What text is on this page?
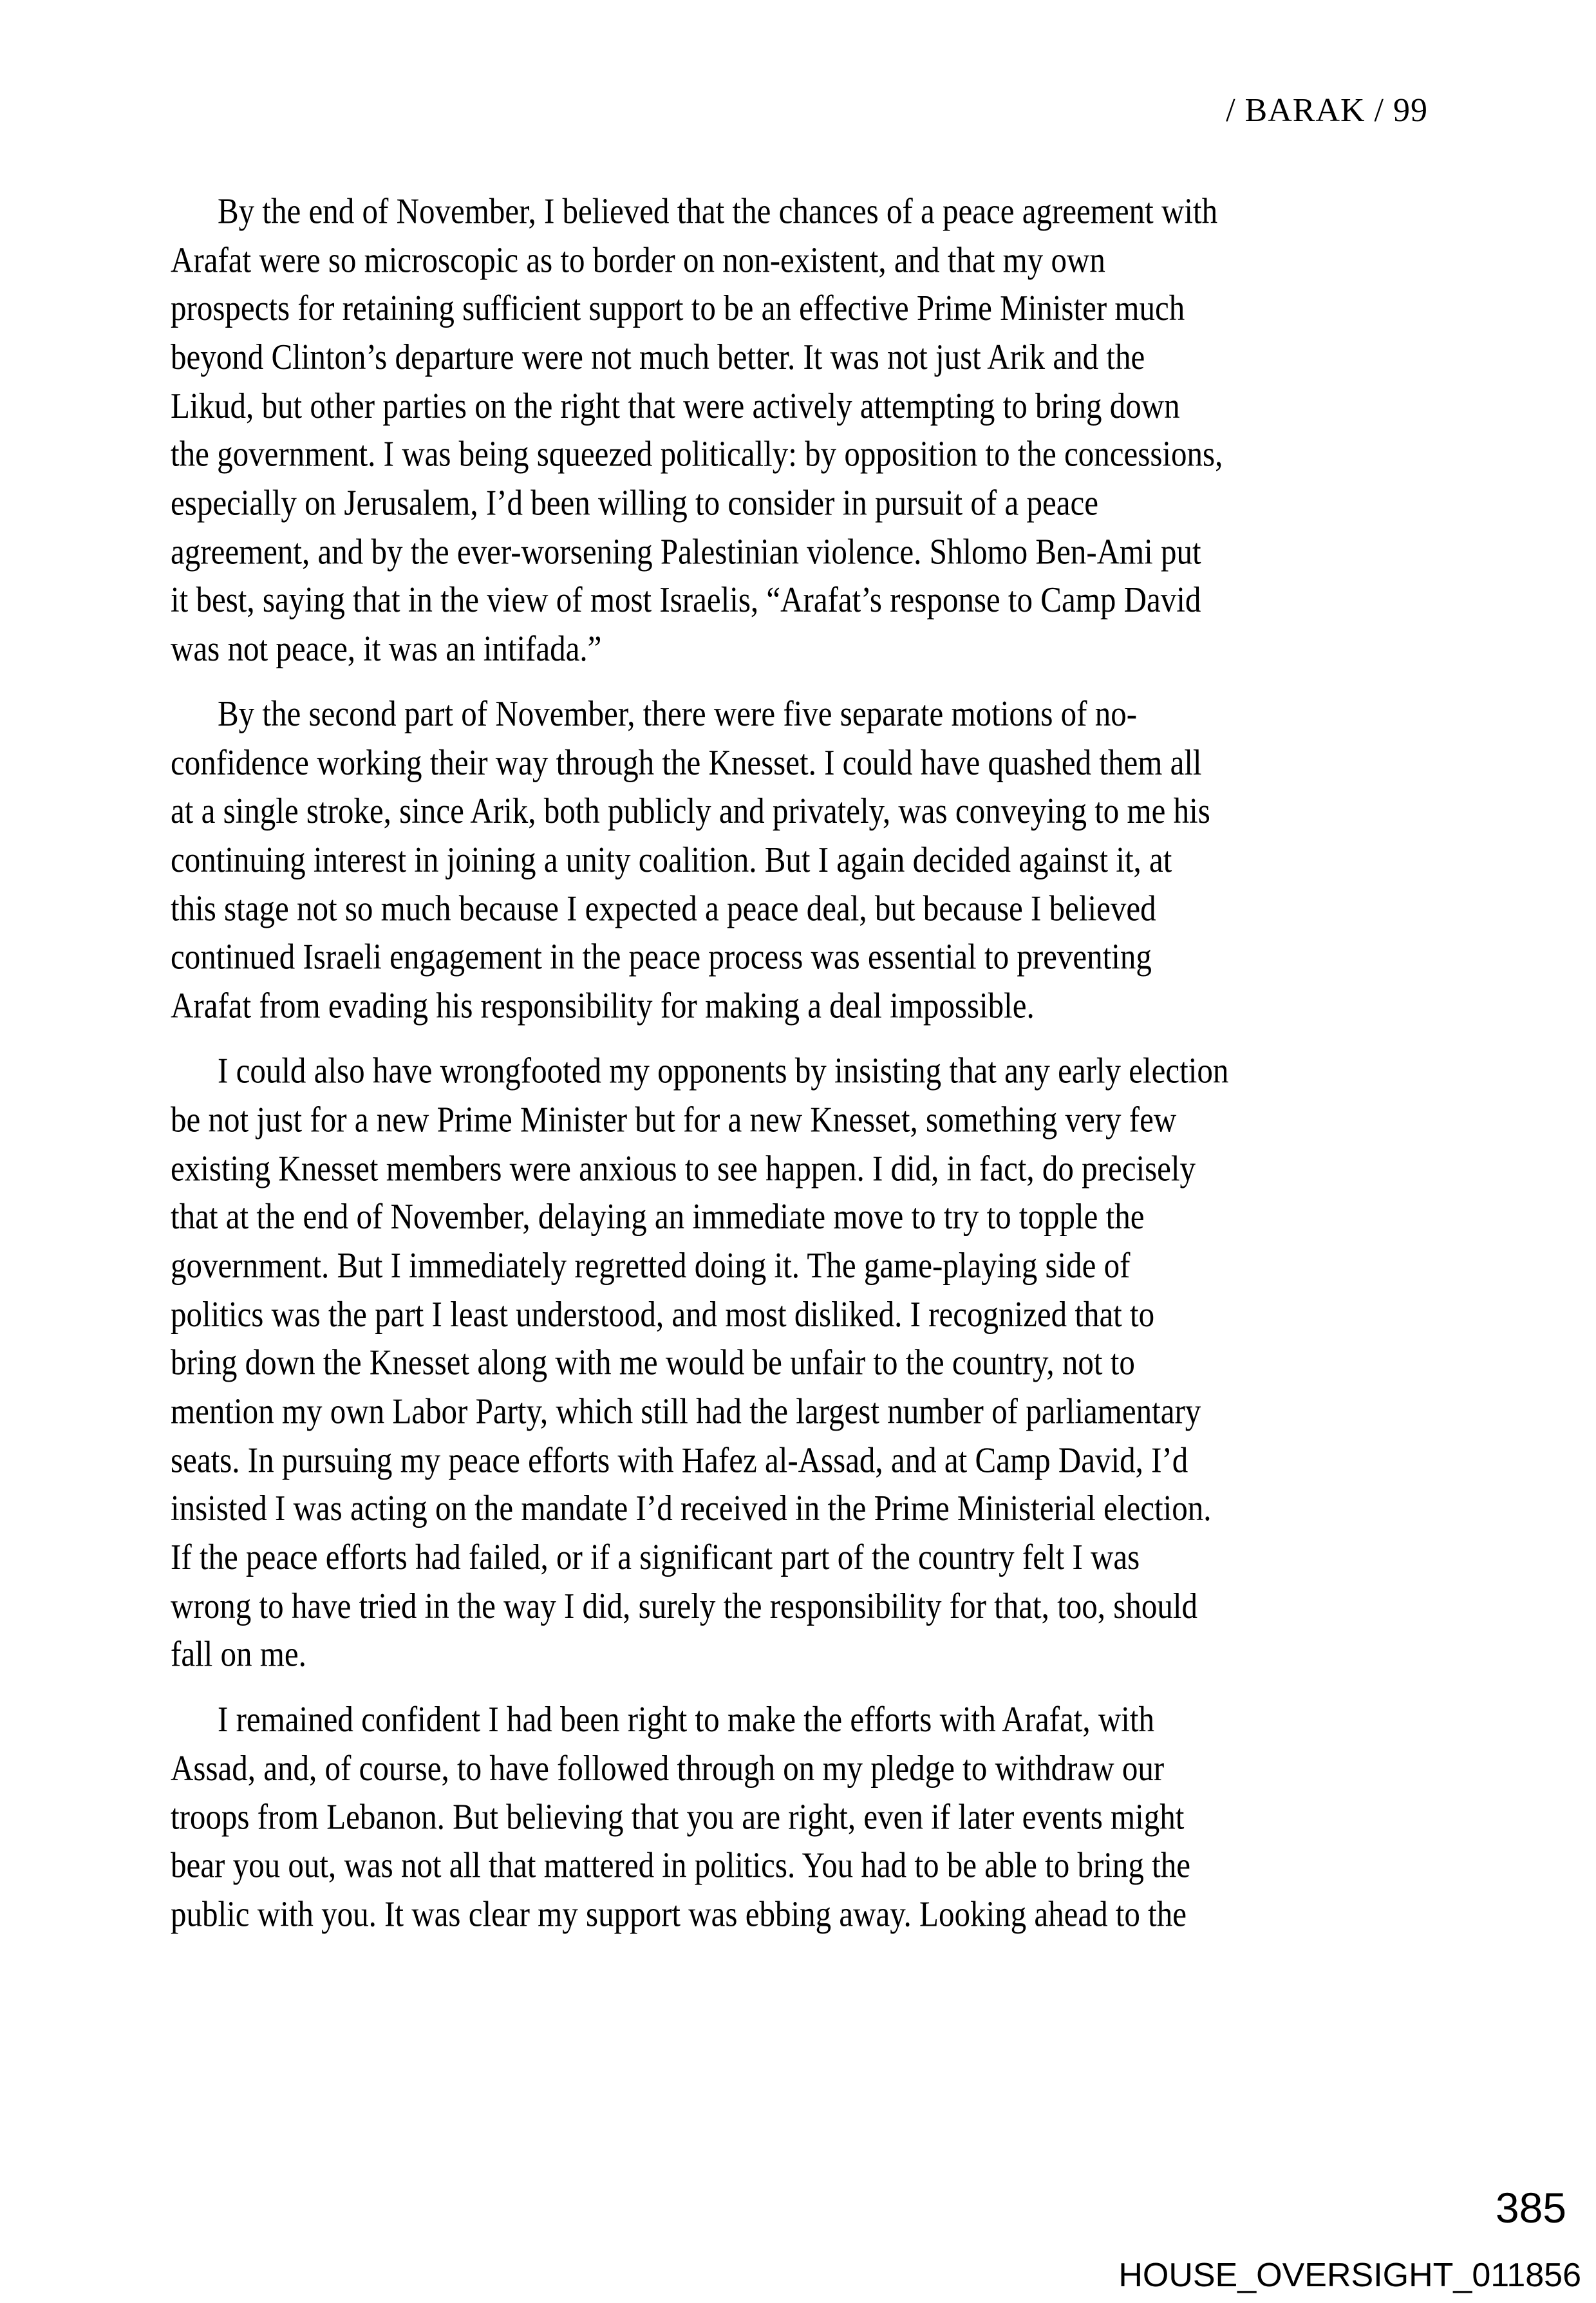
/ BARAK / 99

By the end of November, I believed that the chances of a peace agreement with
Arafat were so microscopic as to border on non-existent, and that my own
prospects for retaining sufficient support to be an effective Prime Minister much
beyond Clinton’s departure were not much better. It was not just Arik and the
Likud, but other parties on the right that were actively attempting to bring down
the government. I was being squeezed politically: by opposition to the concessions,
especially on Jerusalem, I’d been willing to consider in pursuit of a peace
agreement, and by the ever-worsening Palestinian violence. Shlomo Ben-Ami put
it best, saying that in the view of most Israelis, “Arafat’s response to Camp David
was not peace, it was an intifada.”

By the second part of November, there were five separate motions of no-
confidence working their way through the Knesset. I could have quashed them all
at a single stroke, since Arik, both publicly and privately, was conveying to me his
continuing interest in joining a unity coalition. But I again decided against it, at
this stage not so much because I expected a peace deal, but because I believed
continued Israeli engagement in the peace process was essential to preventing
Arafat from evading his responsibility for making a deal impossible.

I could also have wrongfooted my opponents by insisting that any early election
be not just for a new Prime Minister but for a new Knesset, something very few
existing Knesset members were anxious to see happen. I did, in fact, do precisely
that at the end of November, delaying an immediate move to try to topple the
government. But I immediately regretted doing it. The game-playing side of
politics was the part I least understood, and most disliked. I recognized that to
bring down the Knesset along with me would be unfair to the country, not to
mention my own Labor Party, which still had the largest number of parliamentary
seats. In pursuing my peace efforts with Hafez al-Assad, and at Camp David, I’d
insisted I was acting on the mandate I’d received in the Prime Ministerial election.
If the peace efforts had failed, or if a significant part of the country felt I was
wrong to have tried in the way I did, surely the responsibility for that, too, should
fall on me.

I remained confident I had been right to make the efforts with Arafat, with
Assad, and, of course, to have followed through on my pledge to withdraw our
troops from Lebanon. But believing that you are right, even if later events might
bear you out, was not all that mattered in politics. You had to be able to bring the
public with you. It was clear my support was ebbing away. Looking ahead to the

385
HOUSE_OVERSIGHT_011856
